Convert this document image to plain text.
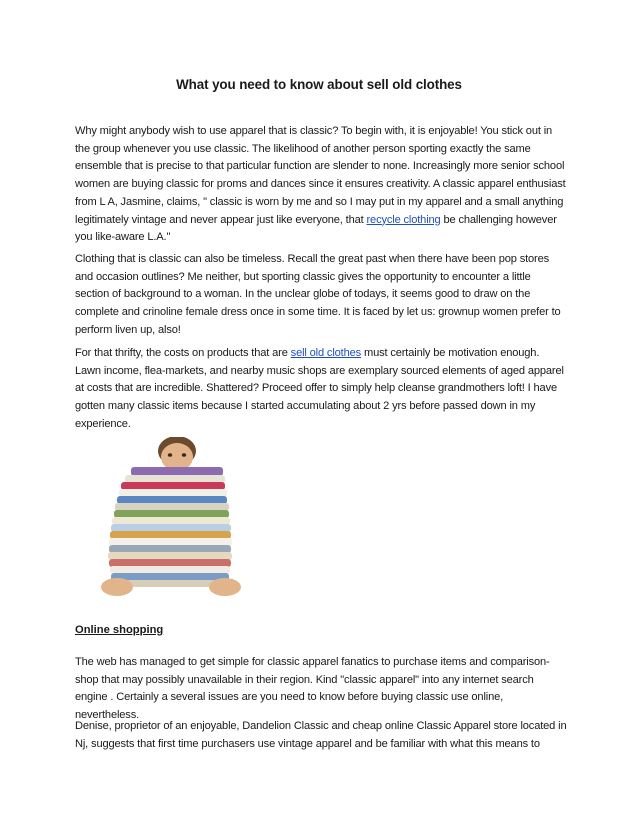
What you need to know about sell old clothes

Why might anybody wish to use apparel that is classic? To begin with, it is enjoyable! You stick out in the group whenever you use classic. The likelihood of another person sporting exactly the same ensemble that is precise to that particular function are slender to none. Increasingly more senior school women are buying classic for proms and dances since it ensures creativity. A classic apparel enthusiast from L A, Jasmine, claims, " classic is worn by me and so I may put in my apparel and a small anything legitimately vintage and never appear just like everyone, that recycle clothing be challenging however you like-aware L.A."

Clothing that is classic can also be timeless. Recall the great past when there have been pop stores and occasion outlines? Me neither, but sporting classic gives the opportunity to encounter a little section of background to a woman. In the unclear globe of todays, it seems good to draw on the complete and crinoline female dress once in some time. It is faced by let us: grownup women prefer to perform liven up, also!

For that thrifty, the costs on products that are sell old clothes must certainly be motivation enough. Lawn income, flea-markets, and nearby music shops are exemplary sourced elements of aged apparel at costs that are incredible. Shattered? Proceed offer to simply help cleanse grandmothers loft! I have gotten many classic items because I started accumulating about 2 yrs before passed down in my experience.

Online shopping

The web has managed to get simple for classic apparel fanatics to purchase items and comparison-shop that may possibly unavailable in their region. Kind "classic apparel" into any internet search engine . Certainly a several issues are you need to know before buying classic use online, nevertheless.

Denise, proprietor of an enjoyable, Dandelion Classic and cheap online Classic Apparel store located in Nj, suggests that first time purchasers use vintage apparel and be familiar with what this means to
